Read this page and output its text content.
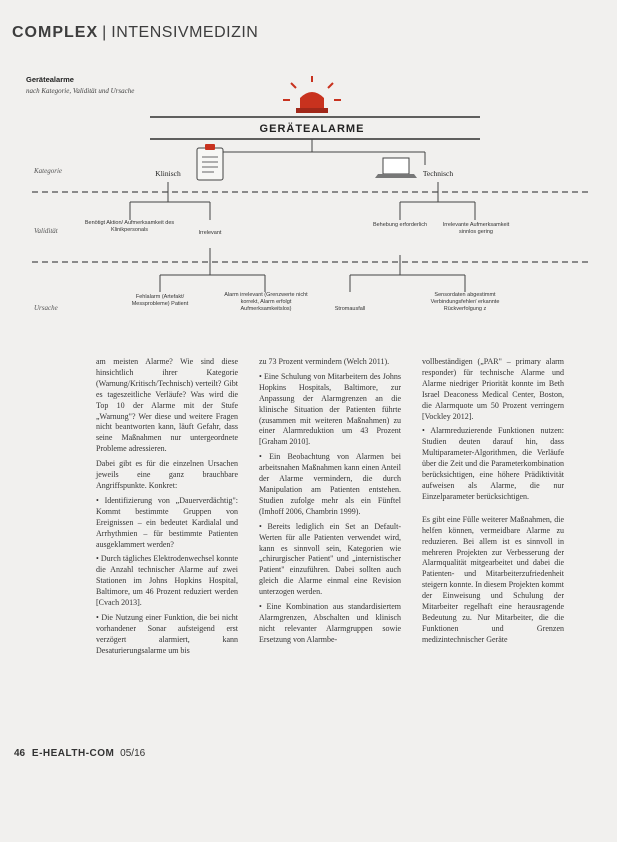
COMPLEX | INTENSIVMEDIZIN
Gerätealarme
nach Kategorie, Validität und Ursache
GERÄTEALARME
Kategorie	Klinisch	Technisch
Validität
Benötigt Aktion/ Aufmerksamkeit des Klinikpersonals	Irrelevant
Behebung erforderlich	Irrelevante Aufmerksamkeit sinnlos gering
Ursache
Fehlalarm (Artefakt/ Messprobleme) Patient
Alarm irrelevant (Grenzwerte nicht korrekt, Alarm erfolgt Aufmerksamkeitslos)	Stromausfall
Sensordaten abgestimmt Verbindungsfehler/ erkannte Rückverfolgung z

am meisten Alarme? Wie sind diese hinsichtlich ihrer Kategorie (Warnung/Kritisch/Technisch) verteilt? Gibt es tageszeitliche Verläufe? Was wird die Top 10 der Alarme mit der Stufe „Warnung"? Wer diese und weitere Fragen nicht beantworten kann, läuft Gefahr, dass seine Maßnahmen nur untergeordnete Probleme adressieren.

Dabei gibt es für die einzelnen Ursachen jeweils eine ganz brauchbare Angriffspunkte. Konkret:

• Identifizierung von „Dauerverdächtig": Kommt bestimmte Gruppen von Ereignissen – ein bedeutet Kardialal und Arrhythmien – für bestimmte Patienten ausgeklammert werden?

• Durch tägliches Elektrodenwechsel konnte die Anzahl technischer Alarme auf zwei Stationen im Johns Hopkins Hospital, Baltimore, um 46 Prozent reduziert werden [Cvach 2013].

• Die Nutzung einer Funktion, die bei nicht vorhandener Sonar aufsteigend erst verzögert alarmiert, kann Desaturierungsalarme um bis

zu 73 Prozent vermindern (Welch 2011).

• Eine Schulung von Mitarbeitern des Johns Hopkins Hospitals, Baltimore, zur Anpassung der Alarmgrenzen an die klinische Situation der Patienten führte (zusammen mit weiteren Maßnahmen) zu einer Alarmreduktion um 43 Prozent [Graham 2010].

• Ein Beobachtung von Alarmen bei arbeitsnahen Maßnahmen kann einen Anteil der Alarme vermindern, die durch Manipulation am Patienten entstehen. Studien zufolge mehr als ein Fünftel (Imhoff 2006, Chambrin 1999).

• Bereits lediglich ein Set an Default-Werten für alle Patienten verwendet wird, kann es sinnvoll sein, Kategorien wie „chirurgischer Patient" und „internistischer Patient" einzuführen. Dabei sollten auch gleich die Alarme einmal eine Revision unterzogen werden.

• Eine Kombination aus standardisiertem Alarmgrenzen, Abschalten und klinisch nicht relevanter Alarmgruppen sowie Ersetzung von Alarmbe-

vollbeständigen („PAR" – primary alarm responder) für technische Alarme und Alarme niedriger Priorität konnte im Beth Israel Deaconess Medical Center, Boston, die Alarmquote um 50 Prozent verringern [Vockley 2012].

• Alarmreduzierende Funktionen nutzen: Studien deuten darauf hin, dass Multiparameter-Algorithmen, die Verläufe über die Zeit und die Parameterkombination berücksichtigen, eine höhere Prädiktivität aufweisen als Alarme, die nur Einzelparameter berücksichtigen.

Es gibt eine Fülle weiterer Maßnahmen, die helfen können, vermeidbare Alarme zu reduzieren. Bei allem ist es sinnvoll in mehreren Projekten zur Verbesserung der Alarmqualität mitgearbeitet und dabei die Patienten- und Mitarbeiterzufriedenheit steigern konnte. In diesem Projekten kommt der Einweisung und Schulung der Mitarbeiter regelhaft eine herausragende Bedeutung zu. Nur Mitarbeiter, die die Funktionen und Grenzen medizintechnischer Geräte

46 E-HEALTH-COM 05/16
